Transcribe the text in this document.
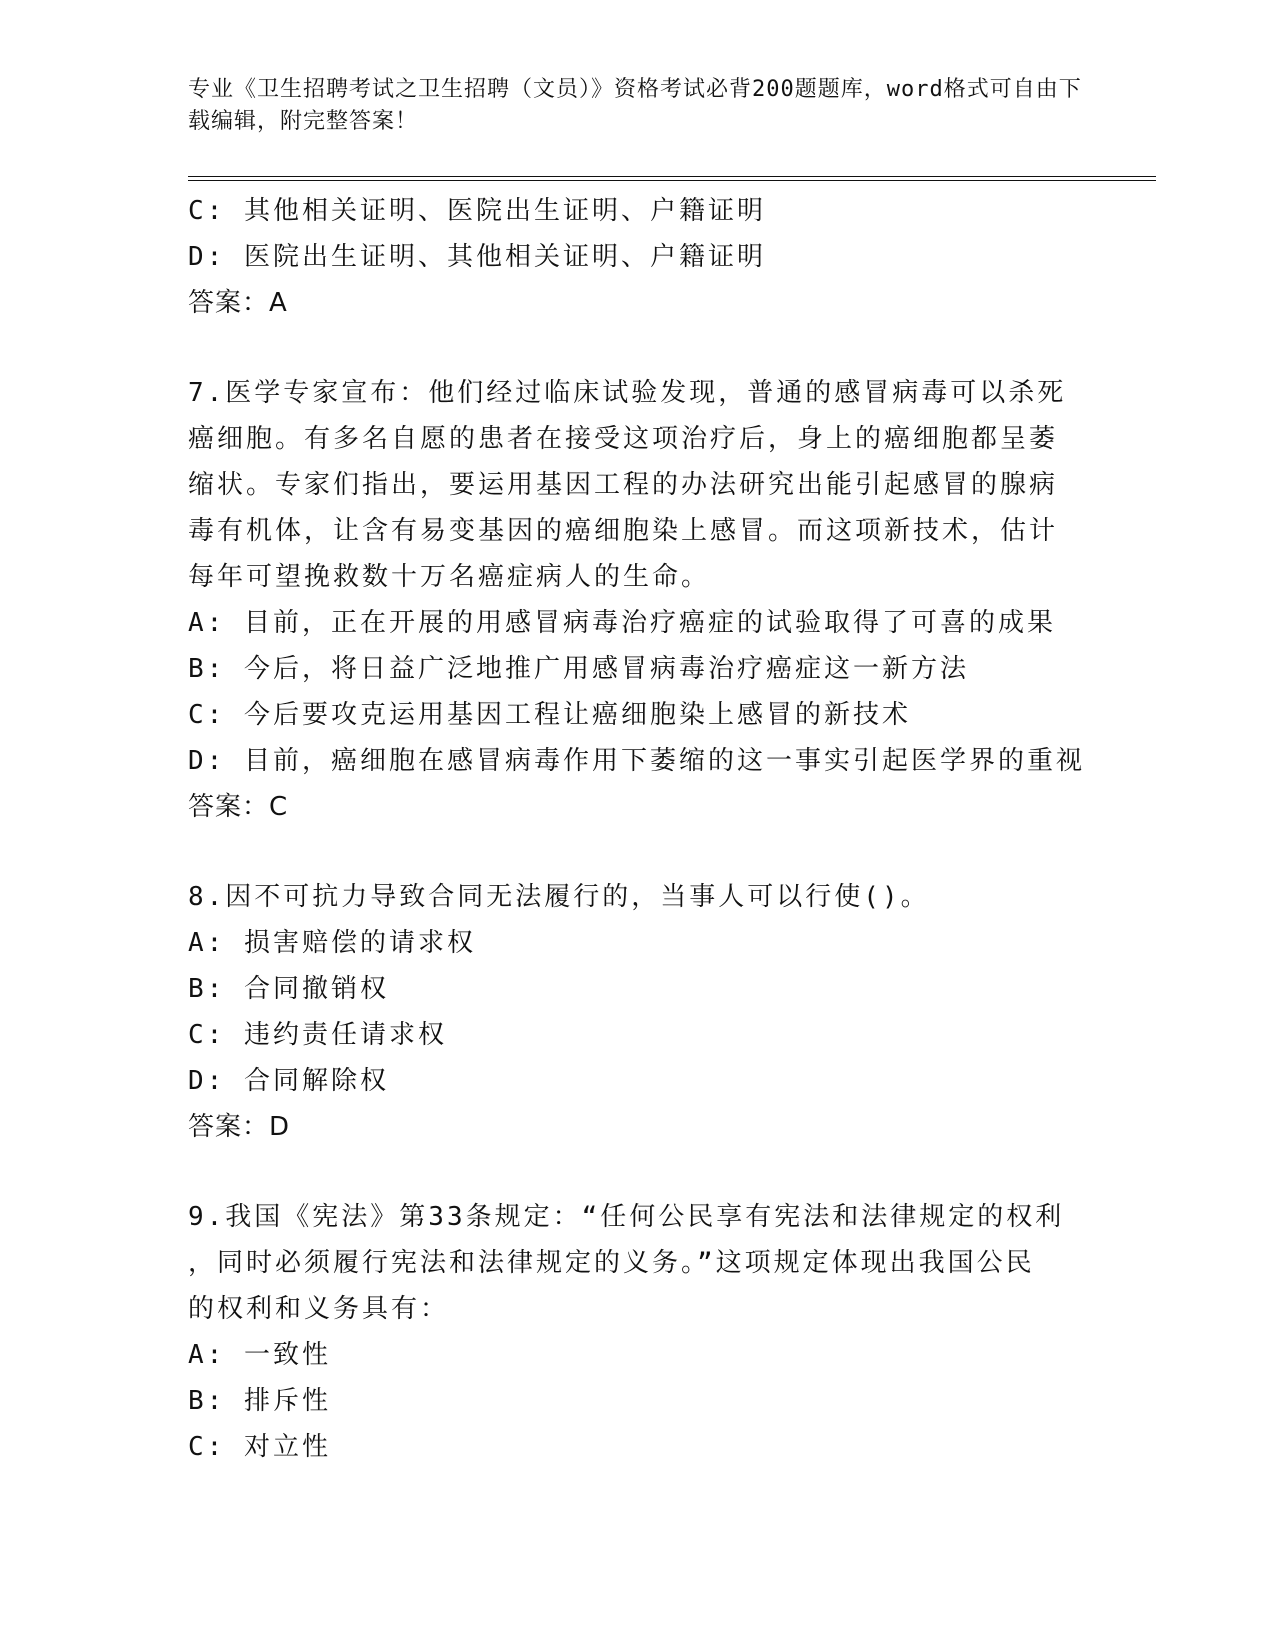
专业《卫生招聘考试之卫生招聘（文员）》资格考试必背200题题库，word格式可自由下载编辑，附完整答案！
C: 其他相关证明、医院出生证明、户籍证明
D: 医院出生证明、其他相关证明、户籍证明
答案：A
7.医学专家宣布：他们经过临床试验发现，普通的感冒病毒可以杀死
癌细胞。有多名自愿的患者在接受这项治疗后，身上的癌细胞都呈萎
缩状。专家们指出，要运用基因工程的办法研究出能引起感冒的腺病
毒有机体，让含有易变基因的癌细胞染上感冒。而这项新技术，估计
每年可望挽救数十万名癌症病人的生命。
A: 目前，正在开展的用感冒病毒治疗癌症的试验取得了可喜的成果
B: 今后，将日益广泛地推广用感冒病毒治疗癌症这一新方法
C: 今后要攻克运用基因工程让癌细胞染上感冒的新技术
D: 目前，癌细胞在感冒病毒作用下萎缩的这一事实引起医学界的重视
答案：C
8.因不可抗力导致合同无法履行的，当事人可以行使()。
A: 损害赔偿的请求权
B: 合同撤销权
C: 违约责任请求权
D: 合同解除权
答案：D
9.我国《宪法》第33条规定：“任何公民享有宪法和法律规定的权利
，同时必须履行宪法和法律规定的义务。”这项规定体现出我国公民
的权利和义务具有：
A: 一致性
B: 排斥性
C: 对立性
